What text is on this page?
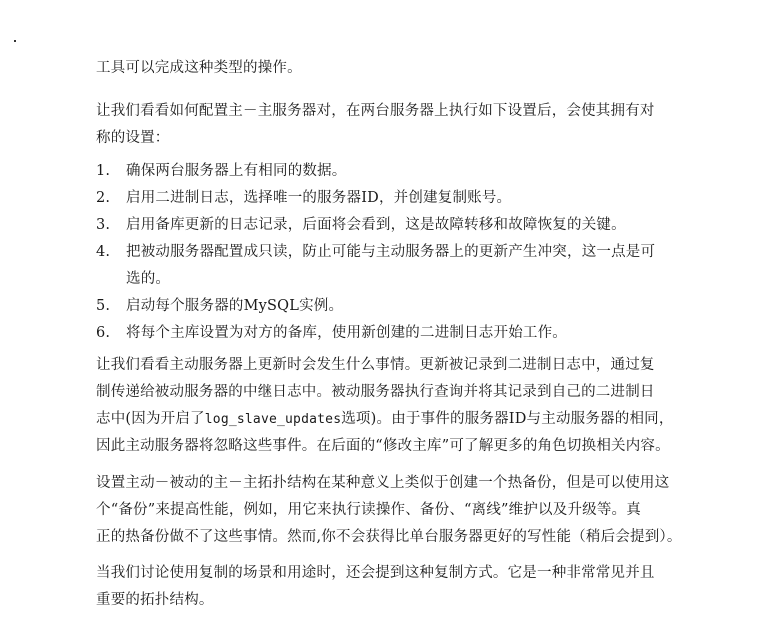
工具可以完成这种类型的操作。

让我们看看如何配置主－主服务器对，在两台服务器上执行如下设置后，会使其拥有对
称的设置：

1.	确保两台服务器上有相同的数据。
2.	启用二进制日志，选择唯一的服务器ID，并创建复制账号。
3.	启用备库更新的日志记录，后面将会看到，这是故障转移和故障恢复的关键。
4.	把被动服务器配置成只读，防止可能与主动服务器上的更新产生冲突，这一点是可
选的。
5.	启动每个服务器的MySQL实例。
6.	将每个主库设置为对方的备库，使用新创建的二进制日志开始工作。

让我们看看主动服务器上更新时会发生什么事情。更新被记录到二进制日志中，通过复
制传递给被动服务器的中继日志中。被动服务器执行查询并将其记录到自己的二进制日
志中(因为开启了log_slave_updates选项)。由于事件的服务器ID与主动服务器的相同，
因此主动服务器将忽略这些事件。在后面的“修改主库”可了解更多的角色切换相关内容。

设置主动－被动的主－主拓扑结构在某种意义上类似于创建一个热备份，但是可以使用这
个“备份”来提高性能，例如，用它来执行读操作、备份、“离线”维护以及升级等。真
正的热备份做不了这些事情。然而,你不会获得比单台服务器更好的写性能（稍后会提到）。

当我们讨论使用复制的场景和用途时，还会提到这种复制方式。它是一种非常常见并且
重要的拓扑结构。
